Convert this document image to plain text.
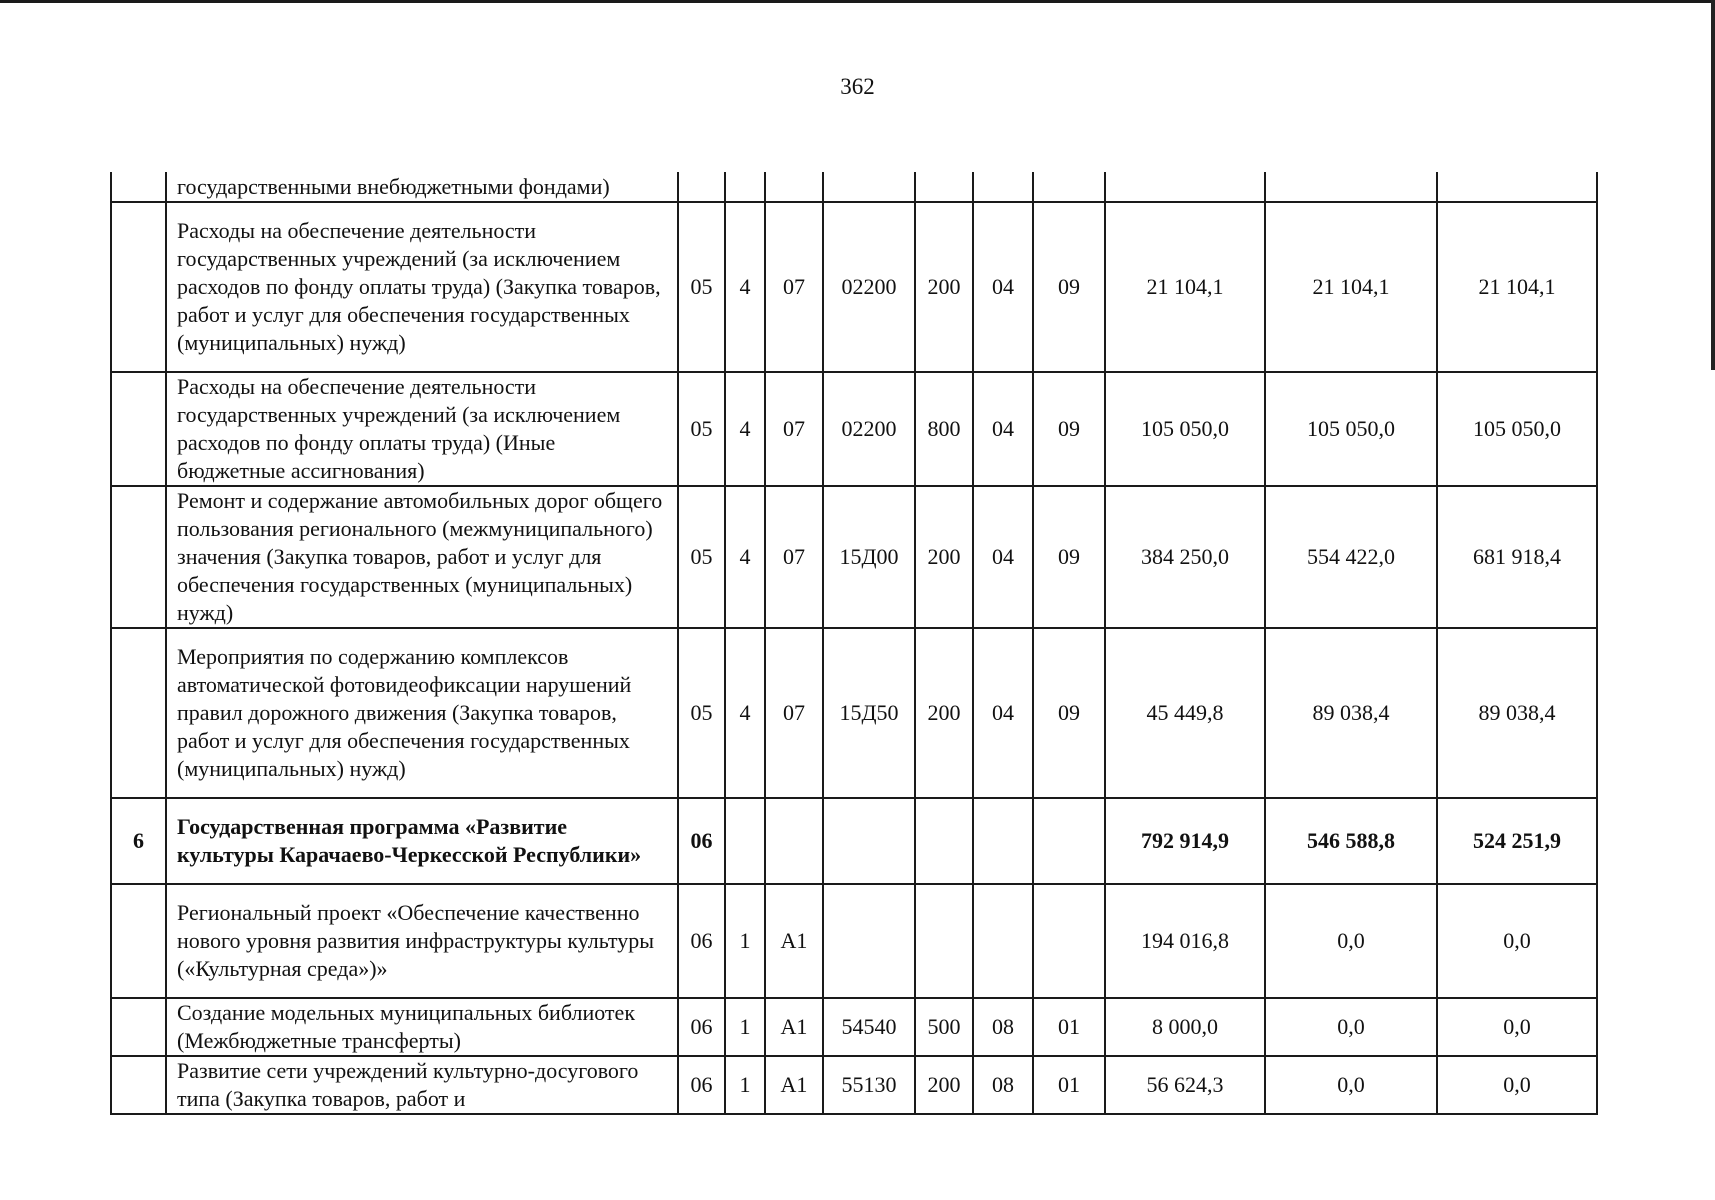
362
	государственными внебюджетными фондами)										
	Расходы на обеспечение деятельности государственных учреждений (за исключением расходов по фонду оплаты труда) (Закупка товаров, работ и услуг для обеспечения государственных (муниципальных) нужд)	05	4	07	02200	200	04	09	21 104,1	21 104,1	21 104,1
	Расходы на обеспечение деятельности государственных учреждений (за исключением расходов по фонду оплаты труда) (Иные бюджетные ассигнования)	05	4	07	02200	800	04	09	105 050,0	105 050,0	105 050,0
	Ремонт и содержание автомобильных дорог общего пользования регионального (межмуниципального) значения (Закупка товаров, работ и услуг для обеспечения государственных (муниципальных) нужд)	05	4	07	15Д00	200	04	09	384 250,0	554 422,0	681 918,4
	Мероприятия по содержанию комплексов автоматической фотовидеофиксации нарушений правил дорожного движения (Закупка товаров, работ и услуг для обеспечения государственных (муниципальных) нужд)	05	4	07	15Д50	200	04	09	45 449,8	89 038,4	89 038,4
6	Государственная программа «Развитие культуры Карачаево-Черкесской Республики»	06							792 914,9	546 588,8	524 251,9
	Региональный проект «Обеспечение качественно нового уровня развития инфраструктуры культуры («Культурная среда»)»	06	1	А1					194 016,8	0,0	0,0
	Создание модельных муниципальных библиотек (Межбюджетные трансферты)	06	1	А1	54540	500	08	01	8 000,0	0,0	0,0
	Развитие сети учреждений культурно-досугового типа (Закупка товаров, работ и	06	1	А1	55130	200	08	01	56 624,3	0,0	0,0
